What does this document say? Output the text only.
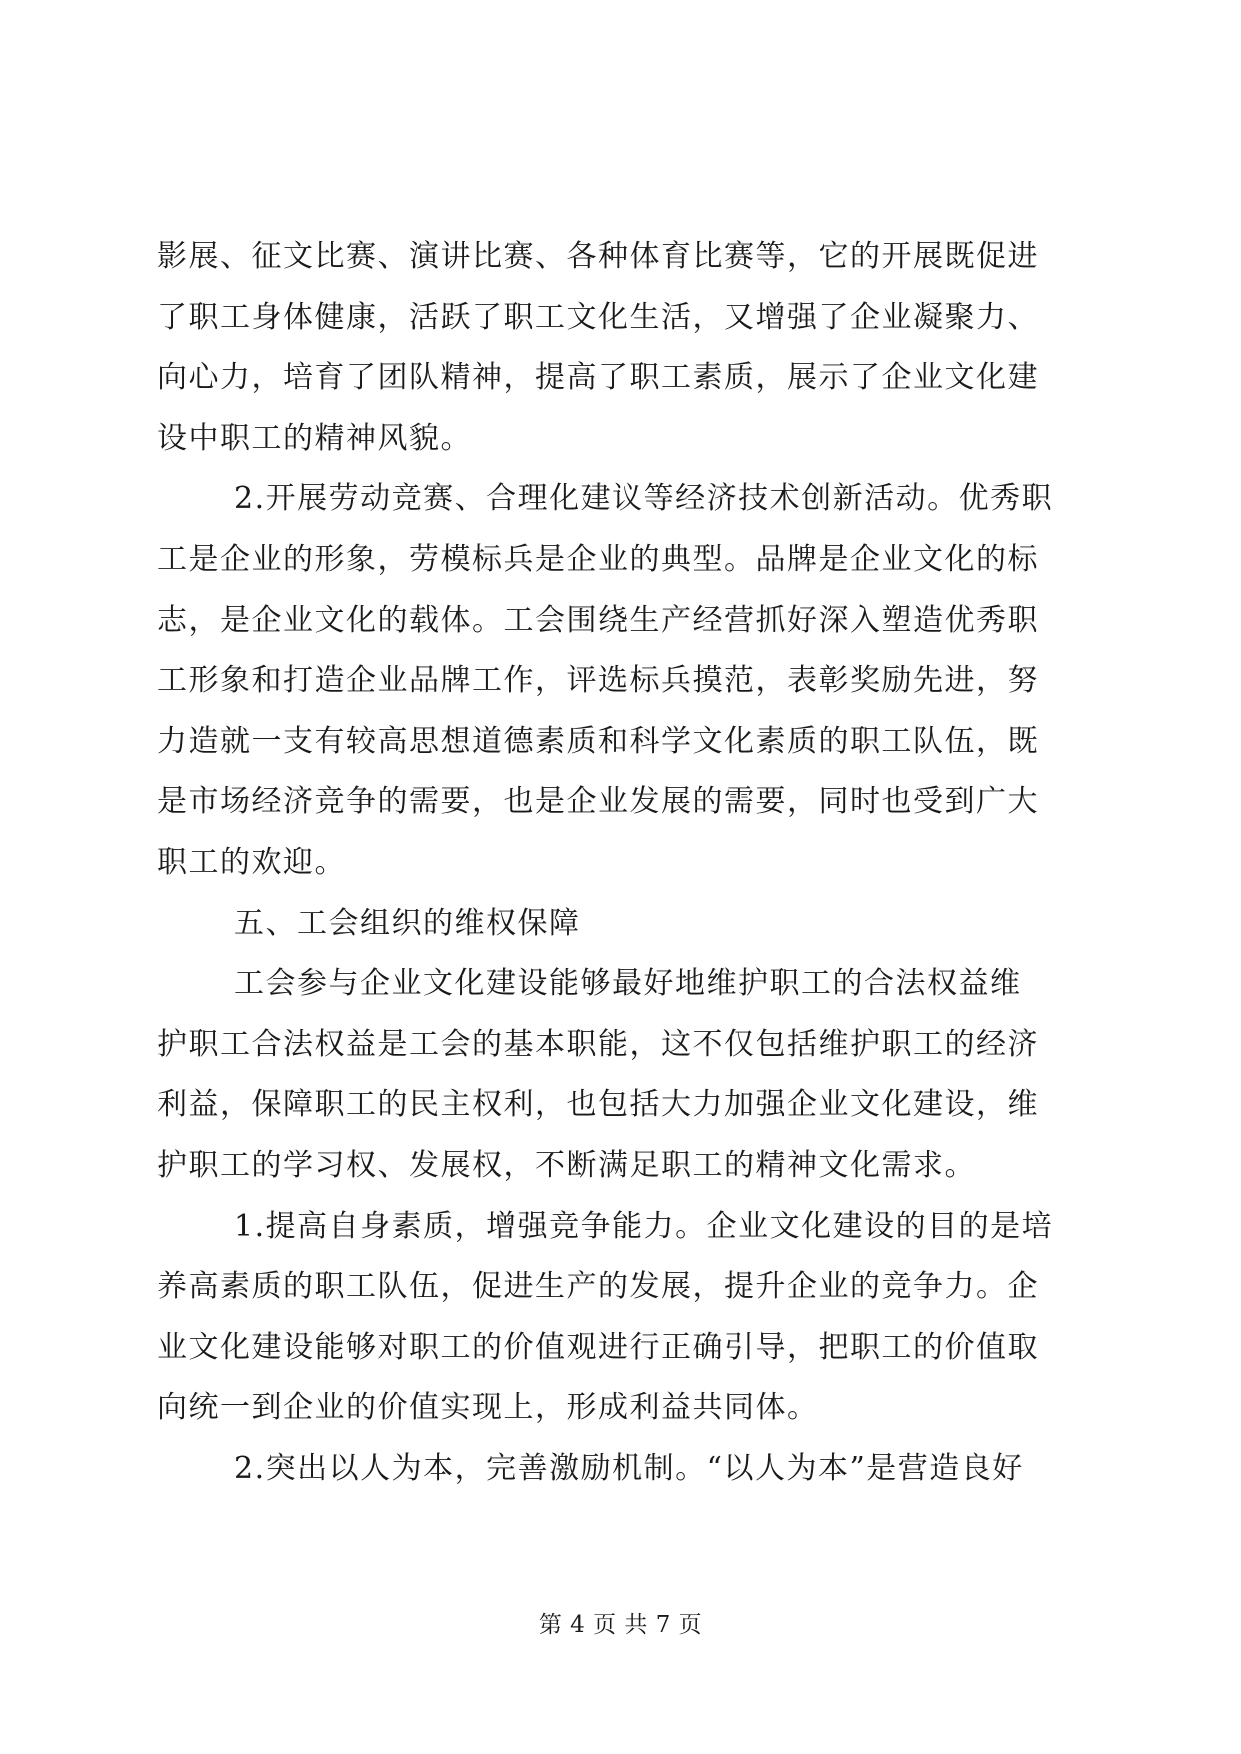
影展、征文比赛、演讲比赛、各种体育比赛等，它的开展既促进
了职工身体健康，活跃了职工文化生活，又增强了企业凝聚力、
向心力，培育了团队精神，提高了职工素质，展示了企业文化建
设中职工的精神风貌。
2.开展劳动竞赛、合理化建议等经济技术创新活动。优秀职
工是企业的形象，劳模标兵是企业的典型。品牌是企业文化的标
志，是企业文化的载体。工会围绕生产经营抓好深入塑造优秀职
工形象和打造企业品牌工作，评选标兵摸范，表彰奖励先进，努
力造就一支有较高思想道德素质和科学文化素质的职工队伍，既
是市场经济竞争的需要，也是企业发展的需要，同时也受到广大
职工的欢迎。
五、工会组织的维权保障
工会参与企业文化建设能够最好地维护职工的合法权益维
护职工合法权益是工会的基本职能，这不仅包括维护职工的经济
利益，保障职工的民主权利，也包括大力加强企业文化建设，维
护职工的学习权、发展权，不断满足职工的精神文化需求。
1.提高自身素质，增强竞争能力。企业文化建设的目的是培
养高素质的职工队伍，促进生产的发展，提升企业的竞争力。企
业文化建设能够对职工的价值观进行正确引导，把职工的价值取
向统一到企业的价值实现上，形成利益共同体。
2.突出以人为本，完善激励机制。“以人为本”是营造良好
第 4 页 共 7 页
